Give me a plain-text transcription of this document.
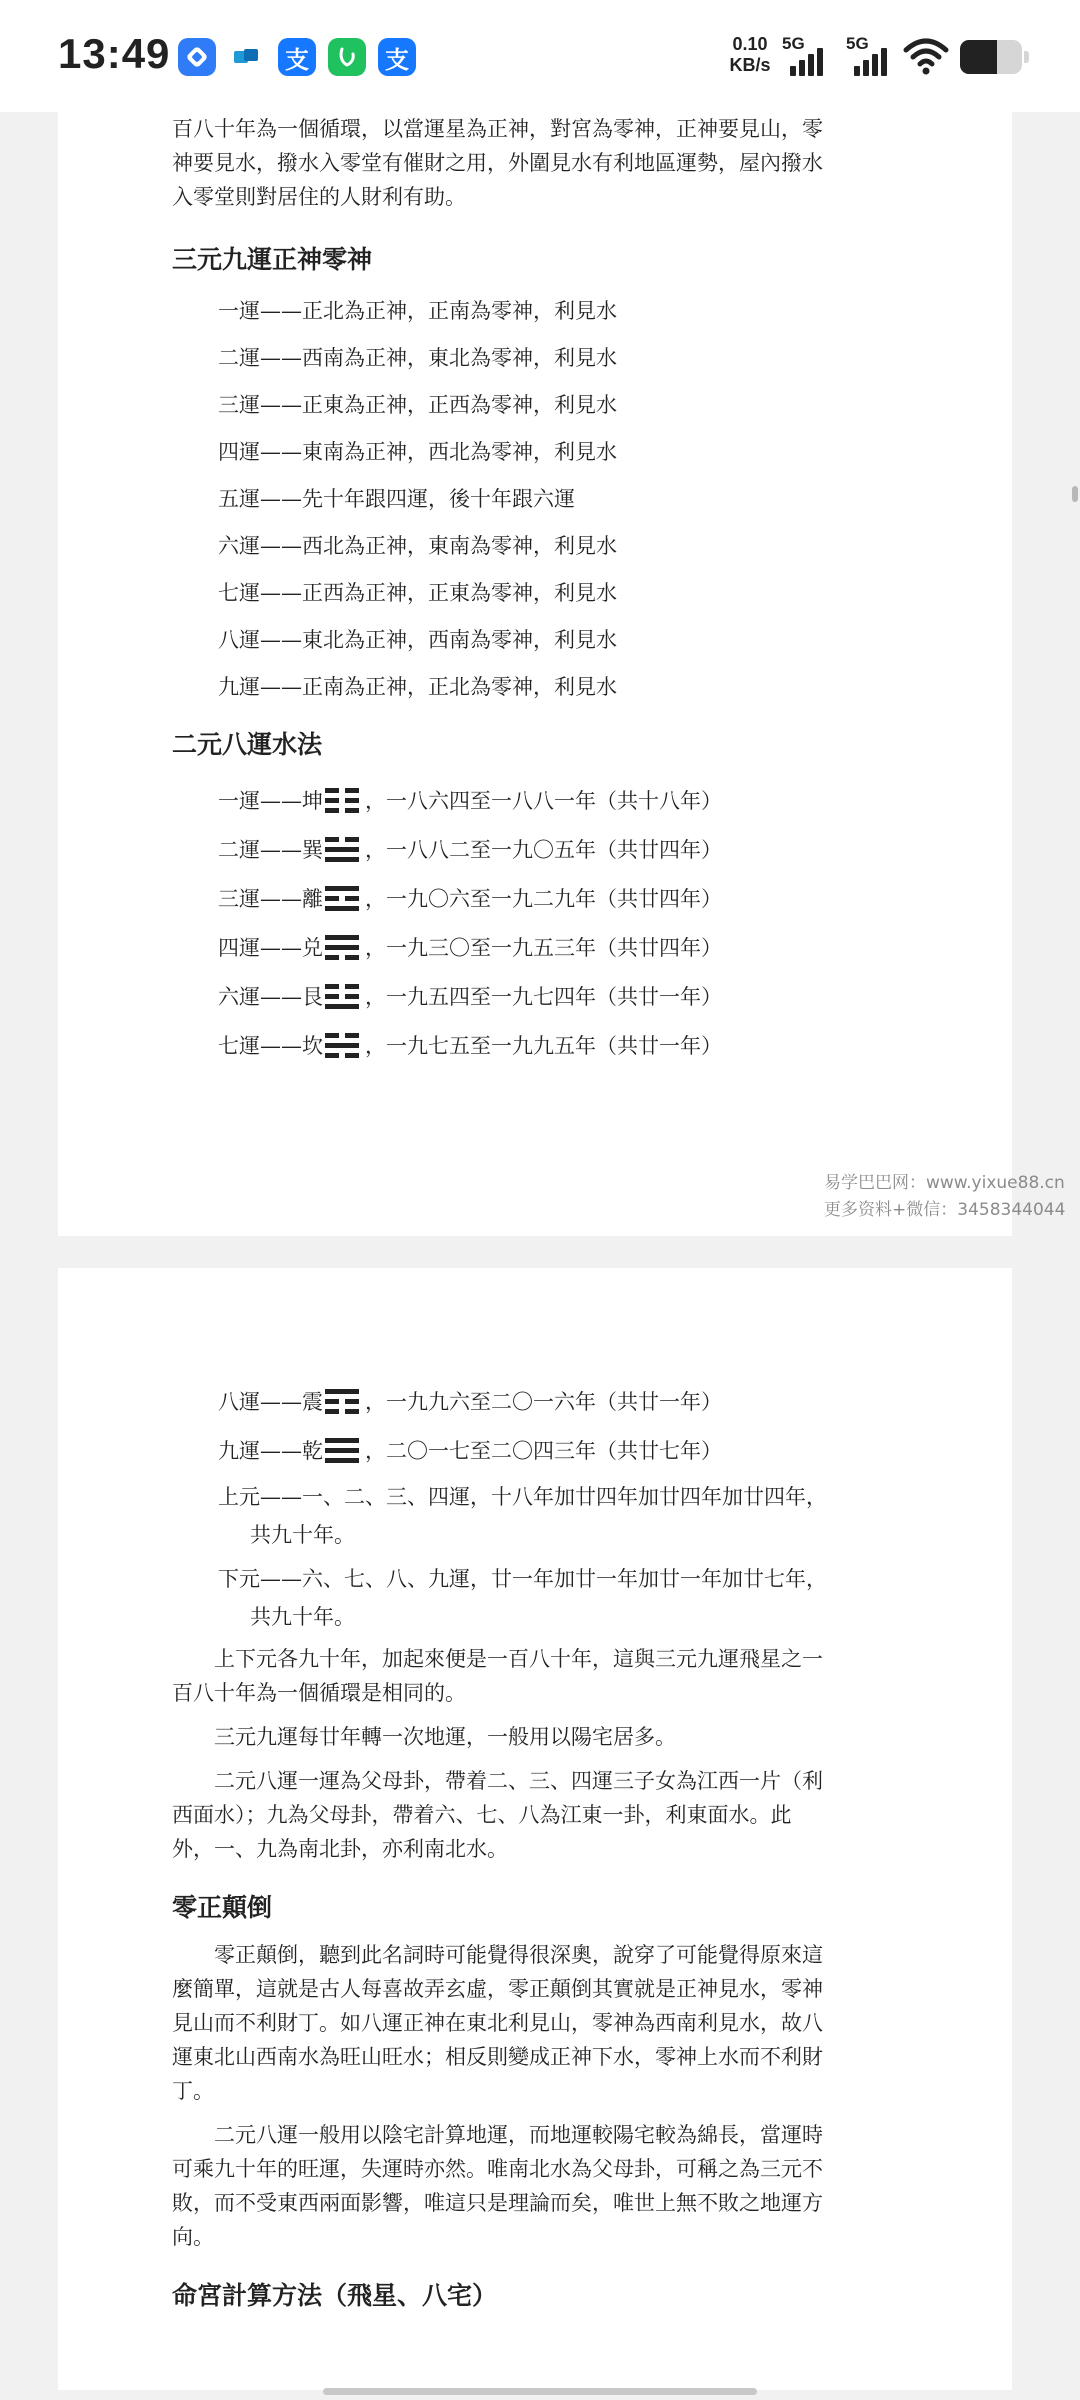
13:49	支	支
0.10
KB/s
5G 5G

百八十年為一個循環，以當運星為正神，對宮為零神，正神要見山，零

神要見水，撥水入零堂有催財之用，外圍見水有利地區運勢，屋內撥水

入零堂則對居住的人財利有助。

三元九運正神零神
一運——正北為正神，正南為零神，利見水
二運——西南為正神，東北為零神，利見水
三運——正東為正神，正西為零神，利見水
四運——東南為正神，西北為零神，利見水
五運——先十年跟四運，後十年跟六運
六運——西北為正神，東南為零神，利見水
七運——正西為正神，正東為零神，利見水
八運——東北為正神，西南為零神，利見水
九運——正南為正神，正北為零神，利見水
二元八運水法
一運——坤 ，一八六四至一八八一年（共十八年）
二運——巽 ，一八八二至一九〇五年（共廿四年）
三運——離 ，一九〇六至一九二九年（共廿四年）
四運——兑 ，一九三〇至一九五三年（共廿四年）
六運——艮 ，一九五四至一九七四年（共廿一年）
七運——坎 ，一九七五至一九九五年（共廿一年）
易学巴巴网：www.yixue88.cn
更多资料+微信：3458344044
八運——震 ，一九九六至二〇一六年（共廿一年）
九運——乾 ，二〇一七至二〇四三年（共廿七年）

上元——一、二、三、四運，十八年加廿四年加廿四年加廿四年，
共九十年。

下元——六、七、八、九運，廿一年加廿一年加廿一年加廿七年，
共九十年。

上下元各九十年，加起來便是一百八十年，這與三元九運飛星之一

百八十年為一個循環是相同的。

三元九運每廿年轉一次地運，一般用以陽宅居多。

二元八運一運為父母卦，帶着二、三、四運三子女為江西一片（利

西面水）；九為父母卦，帶着六、七、八為江東一卦，利東面水。此

外，一、九為南北卦，亦利南北水。

零正顛倒

零正顛倒，聽到此名詞時可能覺得很深奧，說穿了可能覺得原來這

麼簡單，這就是古人每喜故弄玄虛，零正顛倒其實就是正神見水，零神

見山而不利財丁。如八運正神在東北利見山，零神為西南利見水，故八

運東北山西南水為旺山旺水；相反則變成正神下水，零神上水而不利財

丁。

二元八運一般用以陰宅計算地運，而地運較陽宅較為綿長，當運時

可乘九十年的旺運，失運時亦然。唯南北水為父母卦，可稱之為三元不

敗，而不受東西兩面影響，唯這只是理論而矣，唯世上無不敗之地運方

向。

命宮計算方法（飛星、八宅）
